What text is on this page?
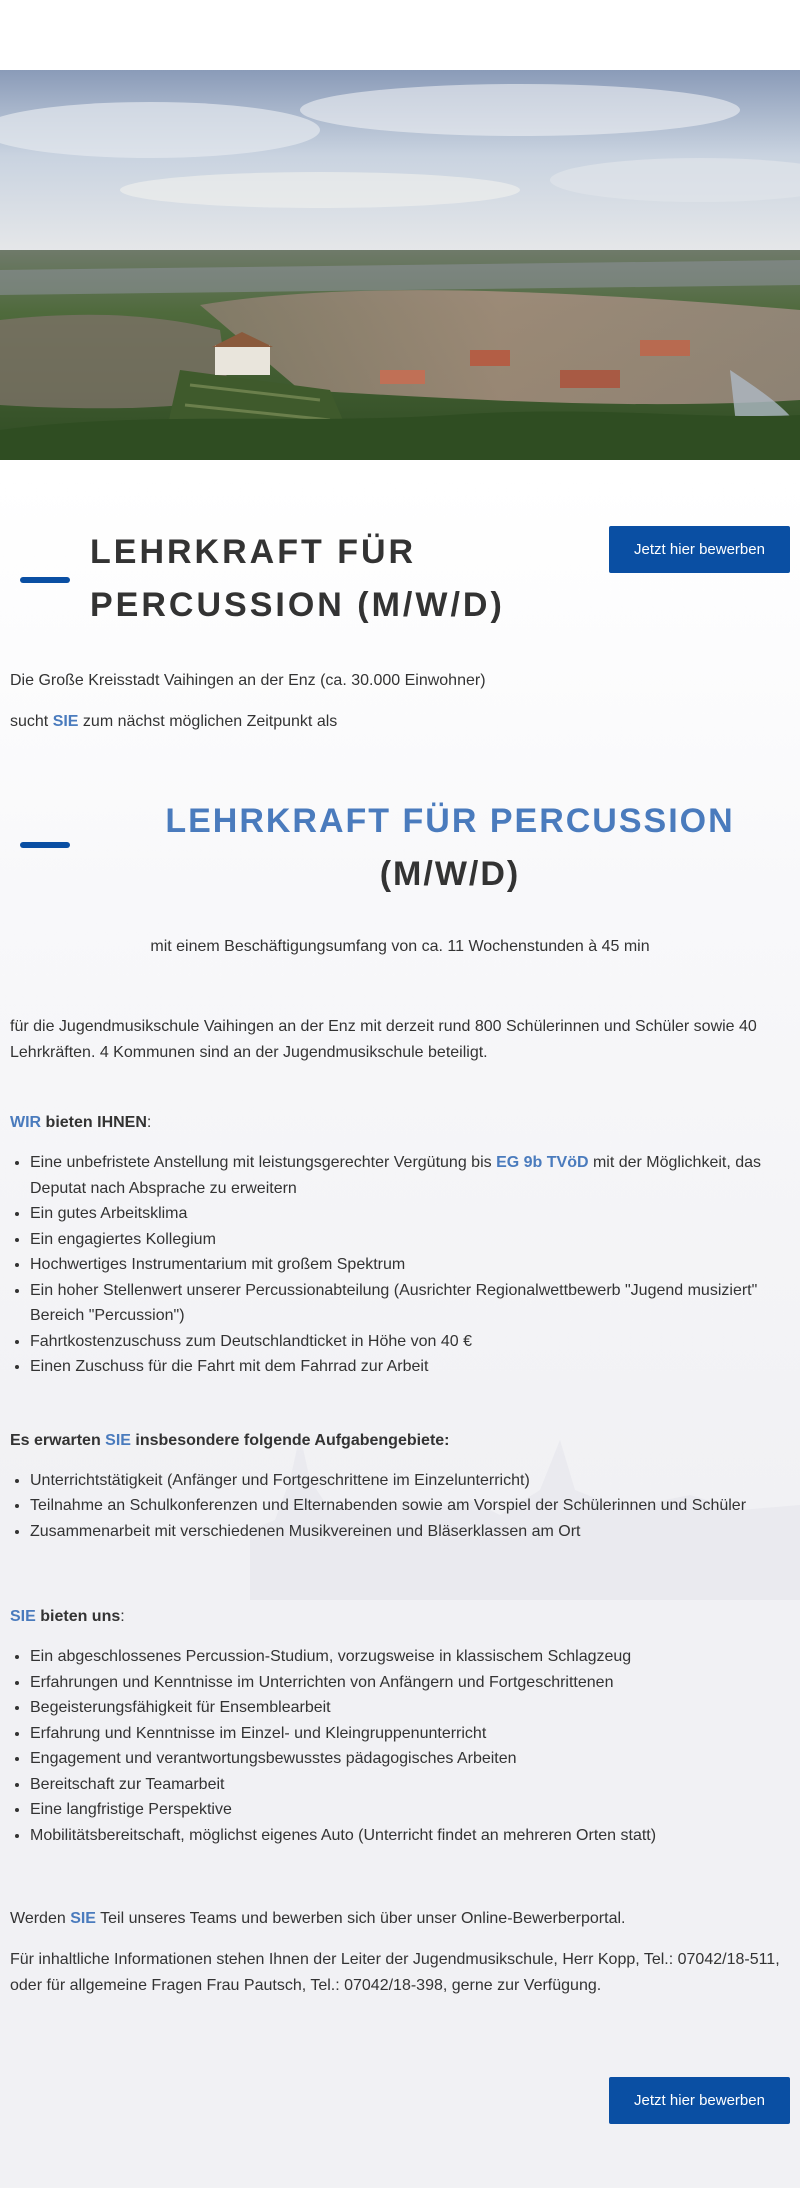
LEHRKRAFT FÜR PERCUSSION (M/W/D)
Jetzt hier bewerben

Die Große Kreisstadt Vaihingen an der Enz (ca. 30.000 Einwohner)

sucht SIE zum nächst möglichen Zeitpunkt als

LEHRKRAFT FÜR PERCUSSION
(M/W/D)

mit einem Beschäftigungsumfang von ca. 11 Wochenstunden à 45 min

für die Jugendmusikschule Vaihingen an der Enz mit derzeit rund 800 Schülerinnen und Schüler sowie 40 Lehrkräften. 4 Kommunen sind an der Jugendmusikschule beteiligt.

WIR bieten IHNEN:

• Eine unbefristete Anstellung mit leistungsgerechter Vergütung bis EG 9b TVöD mit der Möglichkeit, das Deputat nach Absprache zu erweitern
• Ein gutes Arbeitsklima
• Ein engagiertes Kollegium
• Hochwertiges Instrumentarium mit großem Spektrum
• Ein hoher Stellenwert unserer Percussionabteilung (Ausrichter Regionalwettbewerb "Jugend musiziert" Bereich "Percussion")
• Fahrtkostenzuschuss zum Deutschlandticket in Höhe von 40 €
• Einen Zuschuss für die Fahrt mit dem Fahrrad zur Arbeit

Es erwarten SIE insbesondere folgende Aufgabengebiete:

• Unterrichtstätigkeit (Anfänger und Fortgeschrittene im Einzelunterricht)
• Teilnahme an Schulkonferenzen und Elternabenden sowie am Vorspiel der Schülerinnen und Schüler
• Zusammenarbeit mit verschiedenen Musikvereinen und Bläserklassen am Ort

SIE bieten uns:

• Ein abgeschlossenes Percussion-Studium, vorzugsweise in klassischem Schlagzeug
• Erfahrungen und Kenntnisse im Unterrichten von Anfängern und Fortgeschrittenen
• Begeisterungsfähigkeit für Ensemblearbeit
• Erfahrung und Kenntnisse im Einzel- und Kleingruppenunterricht
• Engagement und verantwortungsbewusstes pädagogisches Arbeiten
• Bereitschaft zur Teamarbeit
• Eine langfristige Perspektive
• Mobilitätsbereitschaft, möglichst eigenes Auto (Unterricht findet an mehreren Orten statt)

Werden SIE Teil unseres Teams und bewerben sich über unser Online-Bewerberportal.

Für inhaltliche Informationen stehen Ihnen der Leiter der Jugendmusikschule, Herr Kopp, Tel.: 07042/18-511, oder für allgemeine Fragen Frau Pautsch, Tel.: 07042/18-398, gerne zur Verfügung.

Jetzt hier bewerben
